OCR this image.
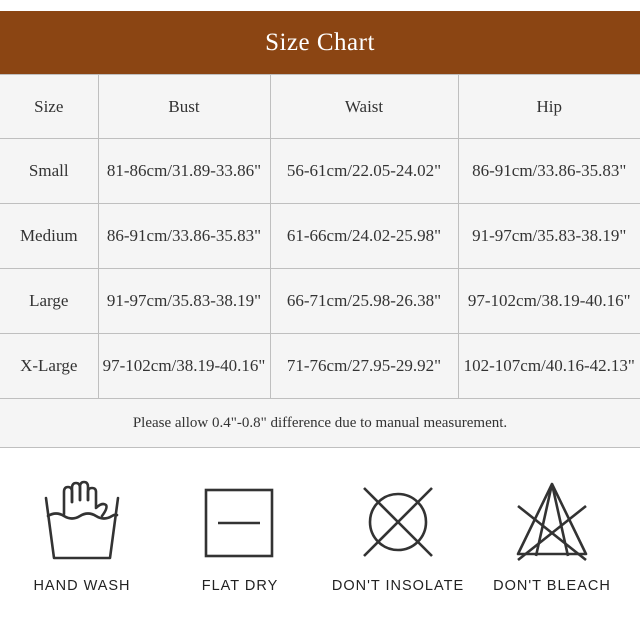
Size Chart
Size	Bust	Waist	Hip
Small	81-86cm/31.89-33.86"	56-61cm/22.05-24.02"	86-91cm/33.86-35.83"
Medium	86-91cm/33.86-35.83"	61-66cm/24.02-25.98"	91-97cm/35.83-38.19"
Large	91-97cm/35.83-38.19"	66-71cm/25.98-26.38"	97-102cm/38.19-40.16"
X-Large	97-102cm/38.19-40.16"	71-76cm/27.95-29.92"	102-107cm/40.16-42.13"
Please allow 0.4"-0.8" difference due to manual measurement.			
HAND WASH	FLAT DRY	DON'T INSOLATE	DON'T BLEACH
